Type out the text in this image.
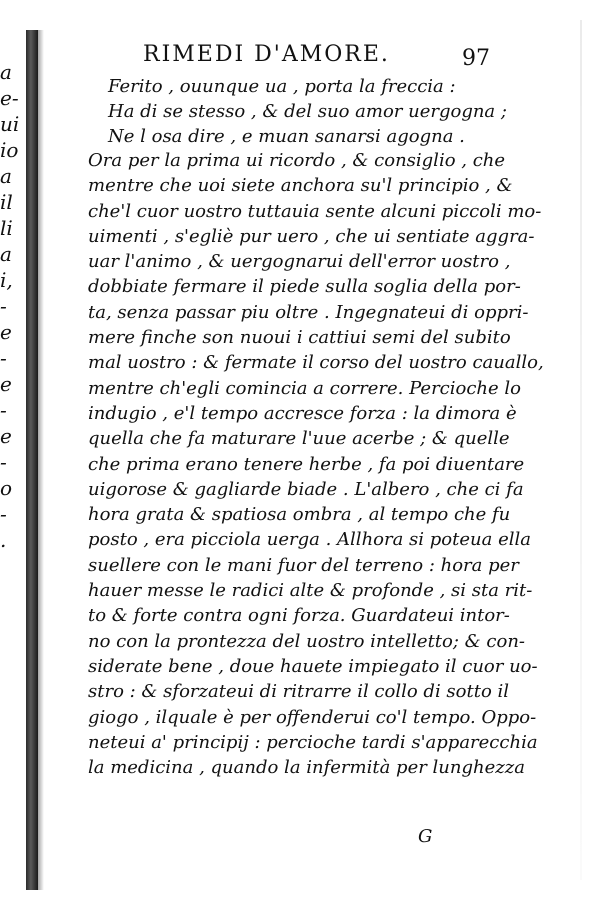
a
e-
ui
io
a
il
li
a
i,
-
e
-
e
-
e
-
o
-
.
RIMEDI D'AMORE.	97
Ferito , ouunque ua , porta la freccia :
Ha di se stesso , & del suo amor uergogna ;
Ne l osa dire , e muan sanarsi agogna .
Ora per la prima ui ricordo , & consiglio , che
mentre che uoi siete anchora su'l principio , &
che'l cuor uostro tuttauia sente alcuni piccoli mo-
uimenti , s'egliè pur uero , che ui sentiate aggra-
uar l'animo , & uergognarui dell'error uostro ,
dobbiate fermare il piede sulla soglia della por-
ta, senza passar piu oltre . Ingegnateui di oppri-
mere finche son nuoui i cattiui semi del subito
mal uostro : & fermate il corso del uostro cauallo,
mentre ch'egli comincia a correre. Percioche lo
indugio , e'l tempo accresce forza : la dimora è
quella che fa maturare l'uue acerbe ; & quelle
che prima erano tenere herbe , fa poi diuentare
uigorose & gagliarde biade . L'albero , che ci fa
hora grata & spatiosa ombra , al tempo che fu
posto , era picciola uerga . Allhora si poteua ella
suellere con le mani fuor del terreno : hora per
hauer messe le radici alte & profonde , si sta rit-
to & forte contra ogni forza. Guardateui intor-
no con la prontezza del uostro intelletto; & con-
siderate bene , doue hauete impiegato il cuor uo-
stro : & sforzateui di ritrarre il collo di sotto il
giogo , ilquale è per offenderui co'l tempo. Oppo-
neteui a' principij : percioche tardi s'apparecchia
la medicina , quando la infermità per lunghezza
G
